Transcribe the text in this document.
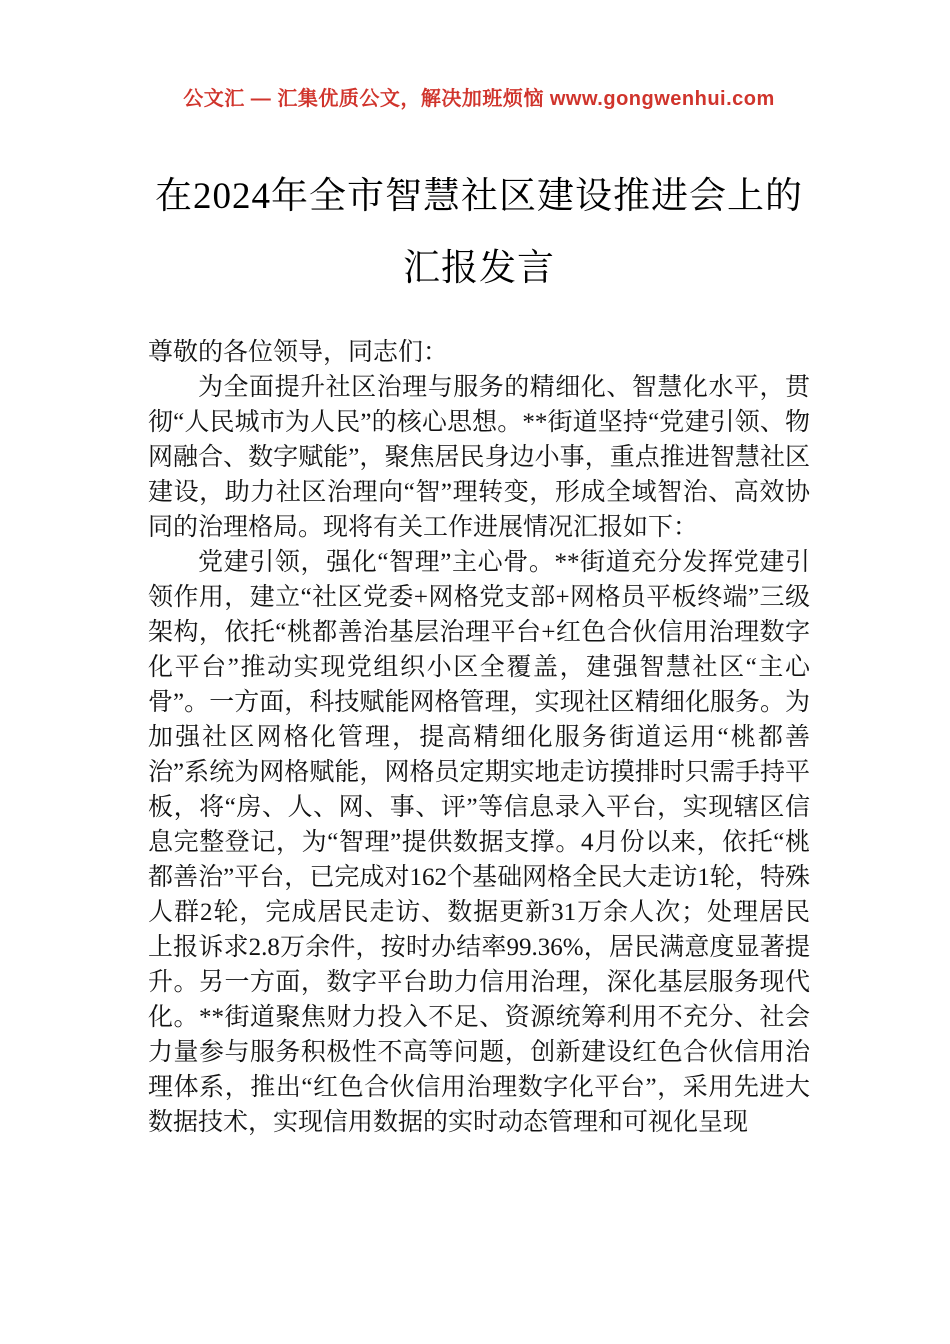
公文汇 — 汇集优质公文，解决加班烦恼 www.gongwenhui.com
在2024年全市智慧社区建设推进会上的汇报发言

尊敬的各位领导，同志们：

为全面提升社区治理与服务的精细化、智慧化水平，贯彻“人民城市为人民”的核心思想。**街道坚持“党建引领、物网融合、数字赋能”，聚焦居民身边小事，重点推进智慧社区建设，助力社区治理向“智”理转变，形成全域智治、高效协同的治理格局。现将有关工作进展情况汇报如下：

党建引领，强化“智理”主心骨。**街道充分发挥党建引领作用，建立“社区党委+网格党支部+网格员平板终端”三级架构，依托“桃都善治基层治理平台+红色合伙信用治理数字化平台”推动实现党组织小区全覆盖，建强智慧社区“主心骨”。一方面，科技赋能网格管理，实现社区精细化服务。为加强社区网格化管理，提高精细化服务街道运用“桃都善治”系统为网格赋能，网格员定期实地走访摸排时只需手持平板，将“房、人、网、事、评”等信息录入平台，实现辖区信息完整登记，为“智理”提供数据支撑。4月份以来，依托“桃都善治”平台，已完成对162个基础网格全民大走访1轮，特殊人群2轮，完成居民走访、数据更新31万余人次；处理居民上报诉求2.8万余件，按时办结率99.36%，居民满意度显著提升。另一方面，数字平台助力信用治理，深化基层服务现代化。**街道聚焦财力投入不足、资源统筹利用不充分、社会力量参与服务积极性不高等问题，创新建设红色合伙信用治理体系，推出“红色合伙信用治理数字化平台”，采用先进大数据技术，实现信用数据的实时动态管理和可视化呈现
